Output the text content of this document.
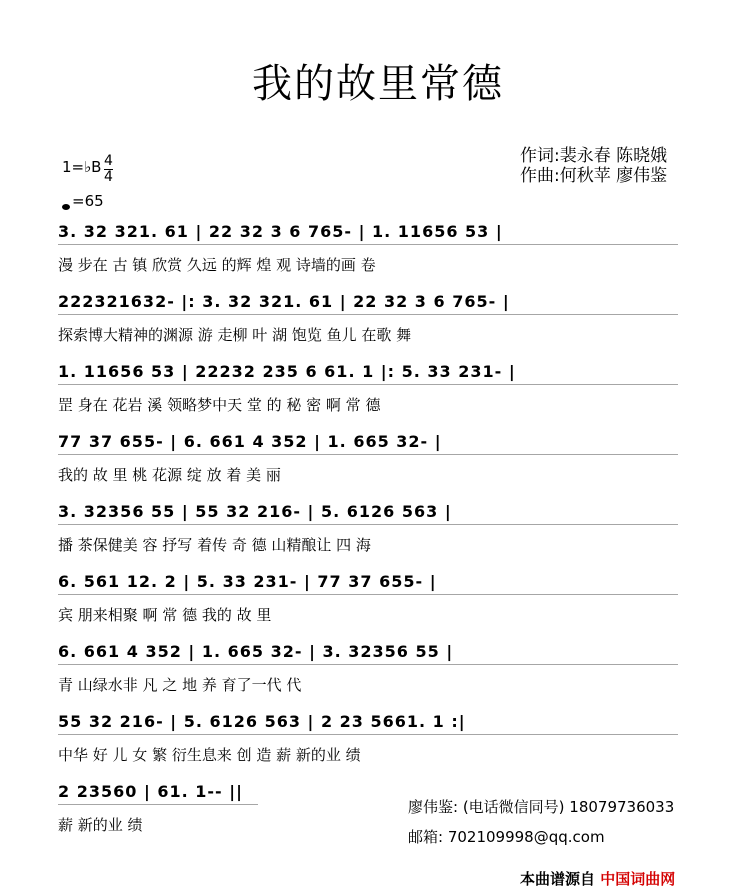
我的故里常德
作词:裴永春 陈晓娥
作曲:何秋苹 廖伟鉴
1=♭B $\frac{4}{4}$
=65
3. 32 321. 61 | 22 32 3 6 765- | 1. 11656 53 |
漫 步在 古 镇 欣赏 久远 的辉 煌 观 诗墙的画 卷
222321632- |: 3. 32 321. 61 | 22 32 3 6 765- |
探索博大精神的渊源 游 走柳 叶 湖 饱览 鱼儿 在歌 舞
1. 11656 53 | 22232 235 6 61. 1 |: 5. 33 231- |
罡 身在 花岩 溪 领略梦中天 堂 的 秘 密 啊 常 德
77 37 655- | 6. 661 4 352 | 1. 665 32- |
我的 故 里 桃 花源 绽 放 着 美 丽
3. 32356 55 | 55 32 216- | 5. 6126 563 |
播 茶保健美 容 抒写 着传 奇 德 山精酿让 四 海
6. 561 12. 2 | 5. 33 231- | 77 37 655- |
宾 朋来相聚 啊 常 德 我的 故 里
6. 661 4 352 | 1. 665 32- | 3. 32356 55 |
青 山绿水非 凡 之 地 养 育了一代 代
55 32 216- | 5. 6126 563 | 2 23 5661. 1 :|
中华 好 儿 女 繁 衍生息来 创 造 薪 新的业 绩
2 23560 | 61. 1-- ||
薪 新的业 绩
廖伟鉴: (电话微信同号) 18079736033
邮箱: 702109998@qq.com
本曲谱源自 中国词曲网
